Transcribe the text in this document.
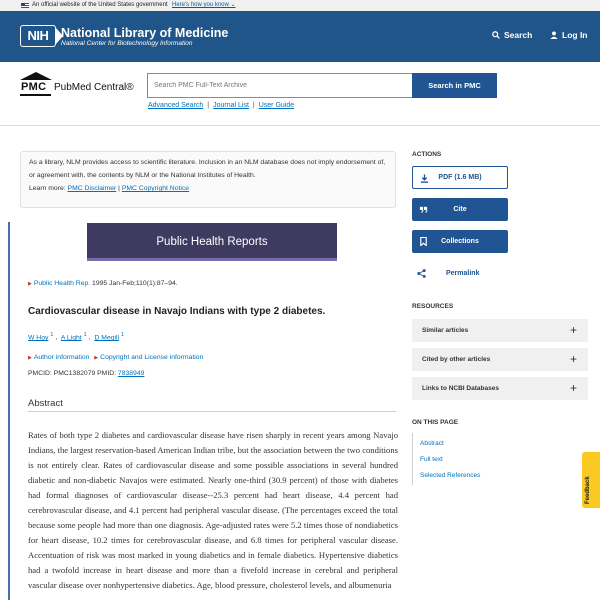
An official website of the United States government Here's how you know ⌄
NIH	National Library of Medicine
National Center for Biotechnology Information
Search	Log In
PMC PubMed Central®
Search PMC Full-Text Archive	Search in PMC
Advanced Search | Journal List | User Guide
As a library, NLM provides access to scientific literature. Inclusion in an NLM database does not imply endorsement of, or agreement with, the contents by NLM or the National Institutes of Health.
Learn more: PMC Disclaimer | PMC Copyright Notice
Public Health Reports
▶ Public Health Rep. 1995 Jan-Feb;110(1):87–94.
Cardiovascular disease in Navajo Indians with type 2 diabetes.
W Hoy $^1$ , A Light $^1$ , D Megill $^1$
▶ Author information ▶ Copyright and License information
PMCID: PMC1382079 PMID: 7838949
Abstract
Rates of both type 2 diabetes and cardiovascular disease have risen sharply in recent years among Navajo Indians, the largest reservation-based American Indian tribe, but the association between the two conditions is not entirely clear. Rates of cardiovascular disease and some possible associations in several hundred diabetic and non-diabetic Navajos were estimated. Nearly one-third (30.9 percent) of those with diabetes had formal diagnoses of cardiovascular disease--25.3 percent had heart disease, 4.4 percent had cerebrovascular disease, and 4.1 percent had peripheral vascular disease. (The percentages exceed the total because some people had more than one diagnosis. Age-adjusted rates were 5.2 times those of nondiabetics for heart disease, 10.2 times for cerebrovascular disease, and 6.8 times for peripheral vascular disease. Accentuation of risk was most marked in young diabetics and in female diabetics. Hypertensive diabetics had a twofold increase in heart disease and more than a fivefold increase in cerebral and peripheral vascular disease over nonhypertensive diabetics. Age, blood pressure, cholesterol levels, and albumenuria
ACTIONS
PDF (1.6 MB)
Cite
Collections
Permalink
RESOURCES
Similar articles	+
Cited by other articles	+
Links to NCBI Databases	+
ON THIS PAGE
Abstract
Full text
Selected References
Feedback
